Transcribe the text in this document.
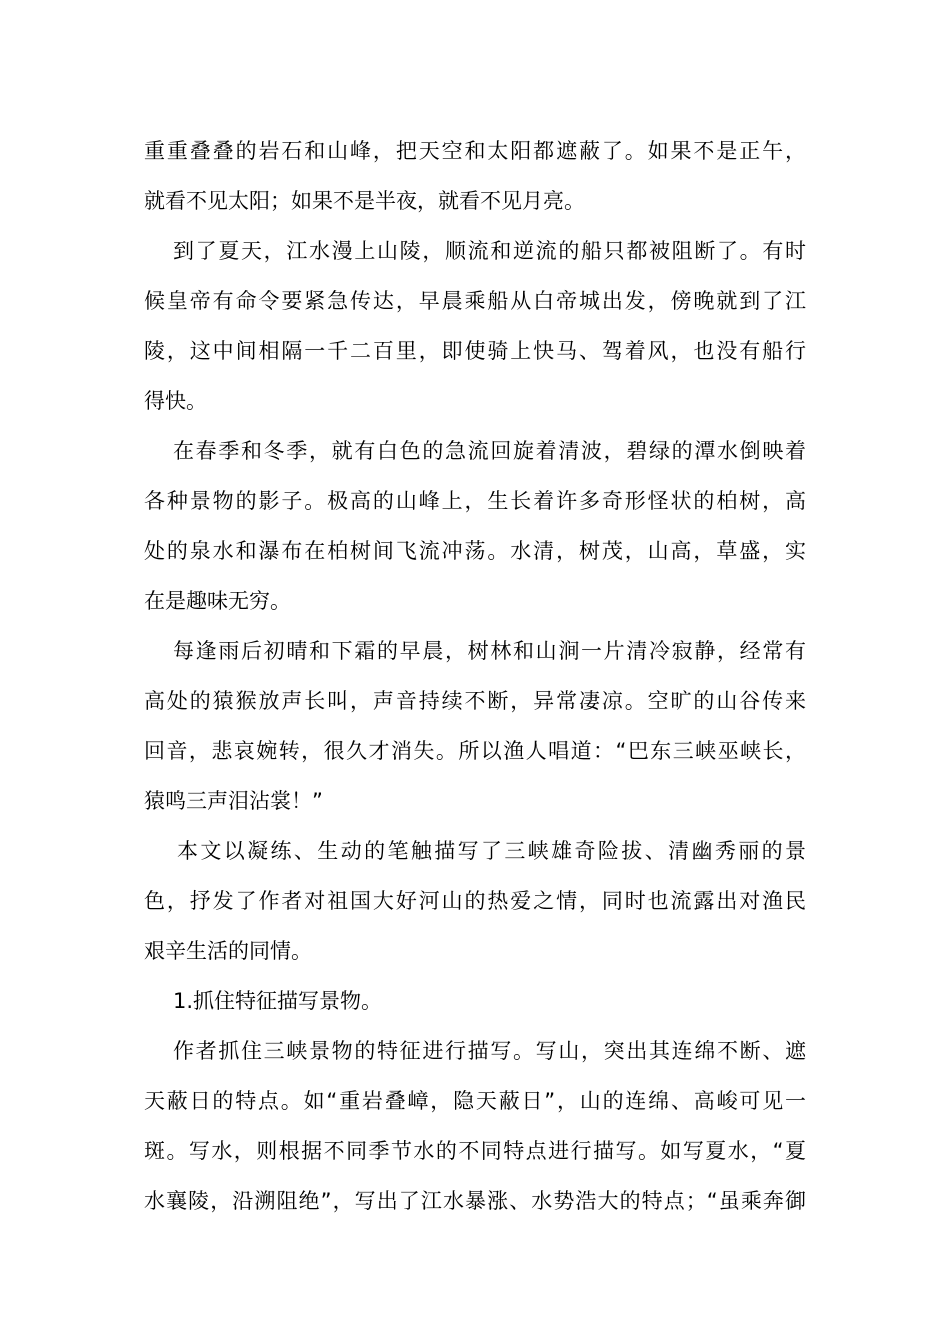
重重叠叠的岩石和山峰，把天空和太阳都遮蔽了。如果不是正午，
就看不见太阳；如果不是半夜，就看不见月亮。
到了夏天，江水漫上山陵，顺流和逆流的船只都被阻断了。有时
候皇帝有命令要紧急传达，早晨乘船从白帝城出发，傍晚就到了江
陵，这中间相隔一千二百里，即使骑上快马、驾着风，也没有船行
得快。
在春季和冬季，就有白色的急流回旋着清波，碧绿的潭水倒映着
各种景物的影子。极高的山峰上，生长着许多奇形怪状的柏树，高
处的泉水和瀑布在柏树间飞流冲荡。水清，树茂，山高，草盛，实
在是趣味无穷。
每逢雨后初晴和下霜的早晨，树林和山涧一片清冷寂静，经常有
高处的猿猴放声长叫，声音持续不断，异常凄凉。空旷的山谷传来
回音，悲哀婉转，很久才消失。所以渔人唱道：“巴东三峡巫峡长，
猿鸣三声泪沾裳！”
本文以凝练、生动的笔触描写了三峡雄奇险拔、清幽秀丽的景
色，抒发了作者对祖国大好河山的热爱之情，同时也流露出对渔民
艰辛生活的同情。
1.抓住特征描写景物。
作者抓住三峡景物的特征进行描写。写山，突出其连绵不断、遮
天蔽日的特点。如“重岩叠嶂，隐天蔽日”，山的连绵、高峻可见一
斑。写水，则根据不同季节水的不同特点进行描写。如写夏水，“夏
水襄陵，沿溯阻绝”，写出了江水暴涨、水势浩大的特点；“虽乘奔御
